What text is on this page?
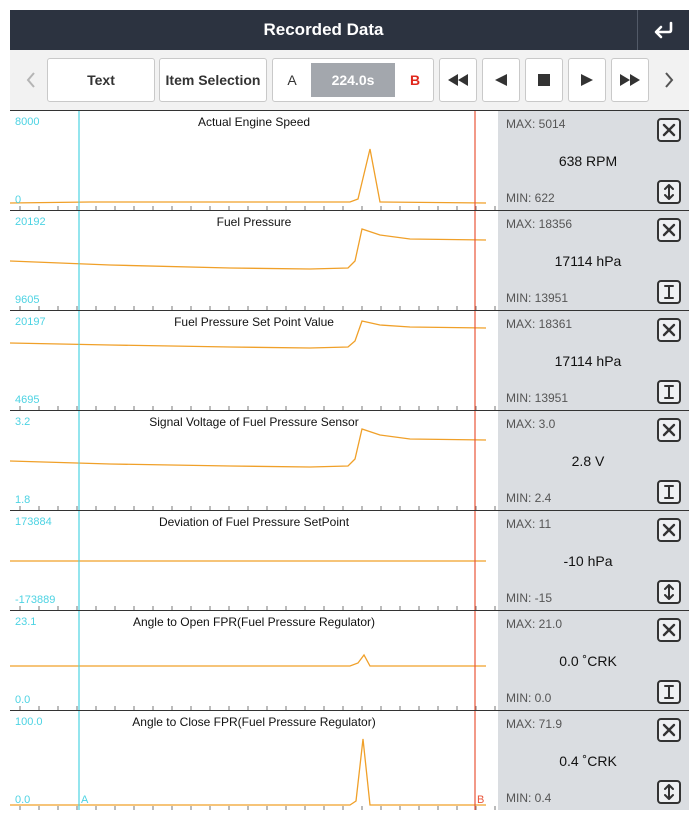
Recorded Data
Text	Item Selection	A	224.0s	B
8000
0
Actual Engine Speed	MAX: 5014
638 RPM
MIN: 622
20192
9605
Fuel Pressure	MAX: 18356
17114 hPa
MIN: 13951
20197
4695
Fuel Pressure Set Point Value	MAX: 18361
17114 hPa
MIN: 13951
3.2
1.8
Signal Voltage of Fuel Pressure Sensor	MAX: 3.0
2.8 V
MIN: 2.4
173884
-173889
Deviation of Fuel Pressure SetPoint	MAX: 11
-10 hPa
MIN: -15
23.1
0.0
Angle to Open FPR(Fuel Pressure Regulator)	MAX: 21.0
0.0 ˚CRK
MIN: 0.0
100.0
0.0
Angle to Close FPR(Fuel Pressure Regulator)
A	B
MAX: 71.9
0.4 ˚CRK
MIN: 0.4
